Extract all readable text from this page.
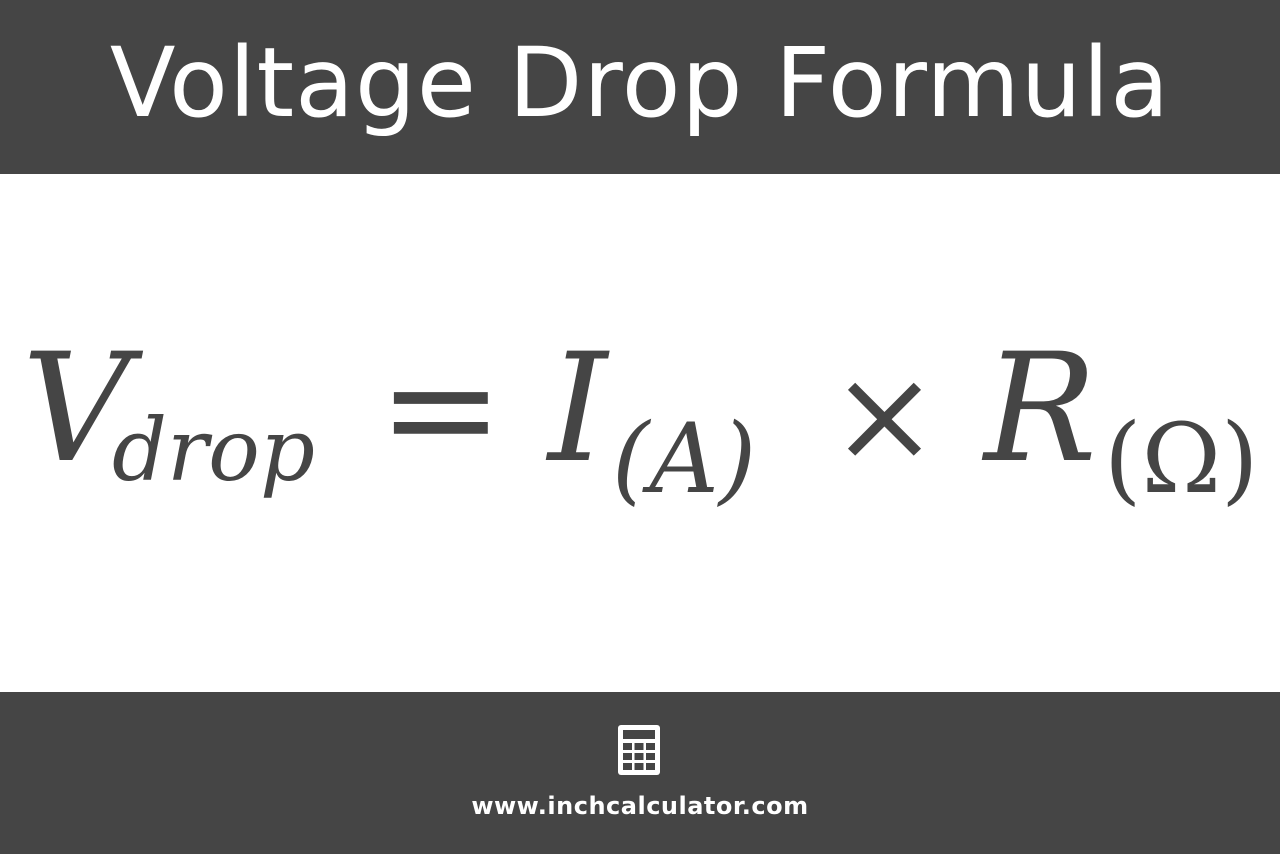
Voltage Drop Formula
V
drop = I (A) × R (Ω)
www.inchcalculator.com
